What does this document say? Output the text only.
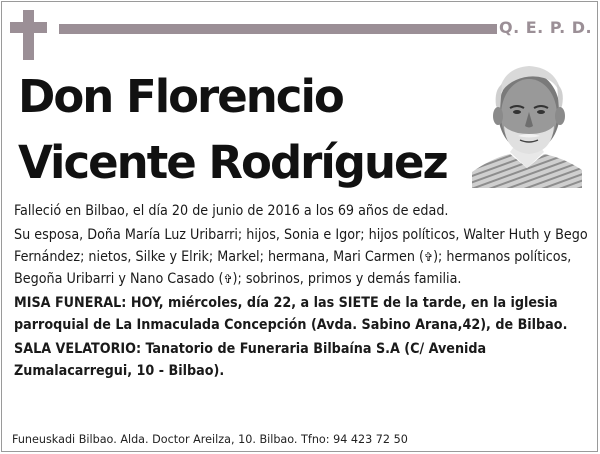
Q. E. P. D.
Don Florencio
Vicente Rodríguez

Falleció en Bilbao, el día 20 de junio de 2016 a los 69 años de edad.

Su esposa, Doña María Luz Uribarri; hijos, Sonia e Igor; hijos políticos, Walter Huth y Bego Fernández; nietos, Silke y Elrik; Markel; hermana, Mari Carmen (✞); hermanos políticos, Begoña Uribarri y Nano Casado (✞); sobrinos, primos y demás familia.

MISA FUNERAL: HOY, miércoles, día 22, a las SIETE de la tarde, en la iglesia parroquial de La Inmaculada Concepción (Avda. Sabino Arana,42), de Bilbao.

SALA VELATORIO: Tanatorio de Funeraria Bilbaína S.A (C/ Avenida Zumalacarregui, 10 - Bilbao).

Funeuskadi Bilbao. Alda. Doctor Areilza, 10. Bilbao. Tfno: 94 423 72 50
